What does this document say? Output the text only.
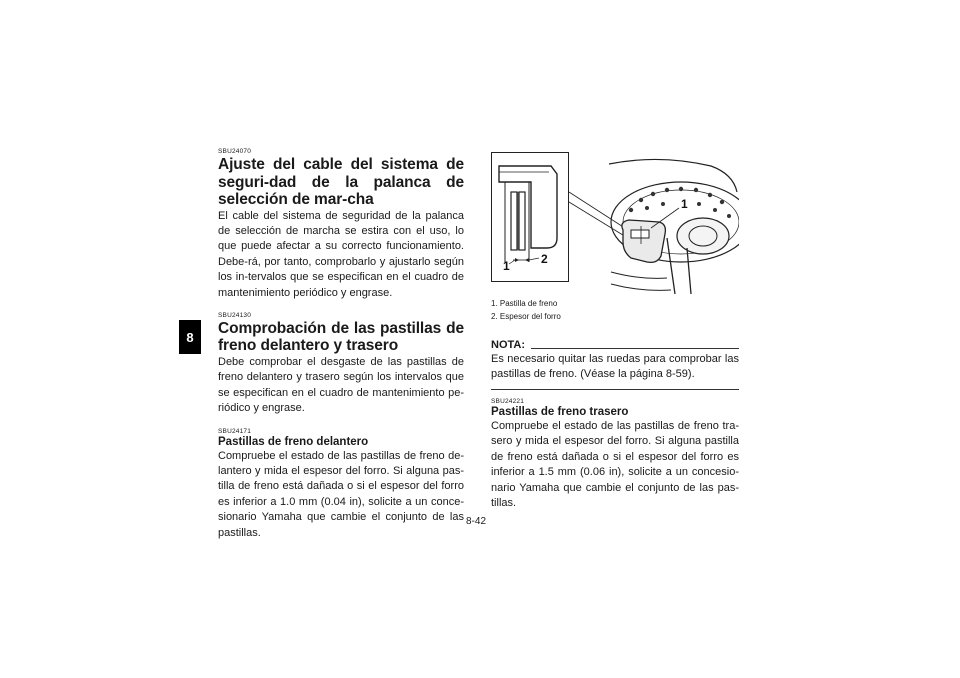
8

SBU24070

Ajuste del cable del sistema de seguri-dad de la palanca de selección de mar-cha

El cable del sistema de seguridad de la palanca de selección de marcha se estira con el uso, lo que puede afectar a su correcto funcionamiento. Debe-rá, por tanto, comprobarlo y ajustarlo según los in-tervalos que se especifican en el cuadro de mantenimiento periódico y engrase.

SBU24130

Comprobación de las pastillas de freno delantero y trasero

Debe comprobar el desgaste de las pastillas de freno delantero y trasero según los intervalos que se especifican en el cuadro de mantenimiento pe-riódico y engrase.

SBU24171

Pastillas de freno delantero

Compruebe el estado de las pastillas de freno de-lantero y mida el espesor del forro. Si alguna pas-tilla de freno está dañada o si el espesor del forro es inferior a 1.0 mm (0.04 in), solicite a un conce-sionario Yamaha que cambie el conjunto de las pastillas.

1	2
1

1. Pastilla de freno

2. Espesor del forro

NOTA:

Es necesario quitar las ruedas para comprobar las pastillas de freno. (Véase la página 8-59).

SBU24221

Pastillas de freno trasero

Compruebe el estado de las pastillas de freno tra-sero y mida el espesor del forro. Si alguna pastilla de freno está dañada o si el espesor del forro es inferior a 1.5 mm (0.06 in), solicite a un concesio-nario Yamaha que cambie el conjunto de las pas-tillas.

8-42
